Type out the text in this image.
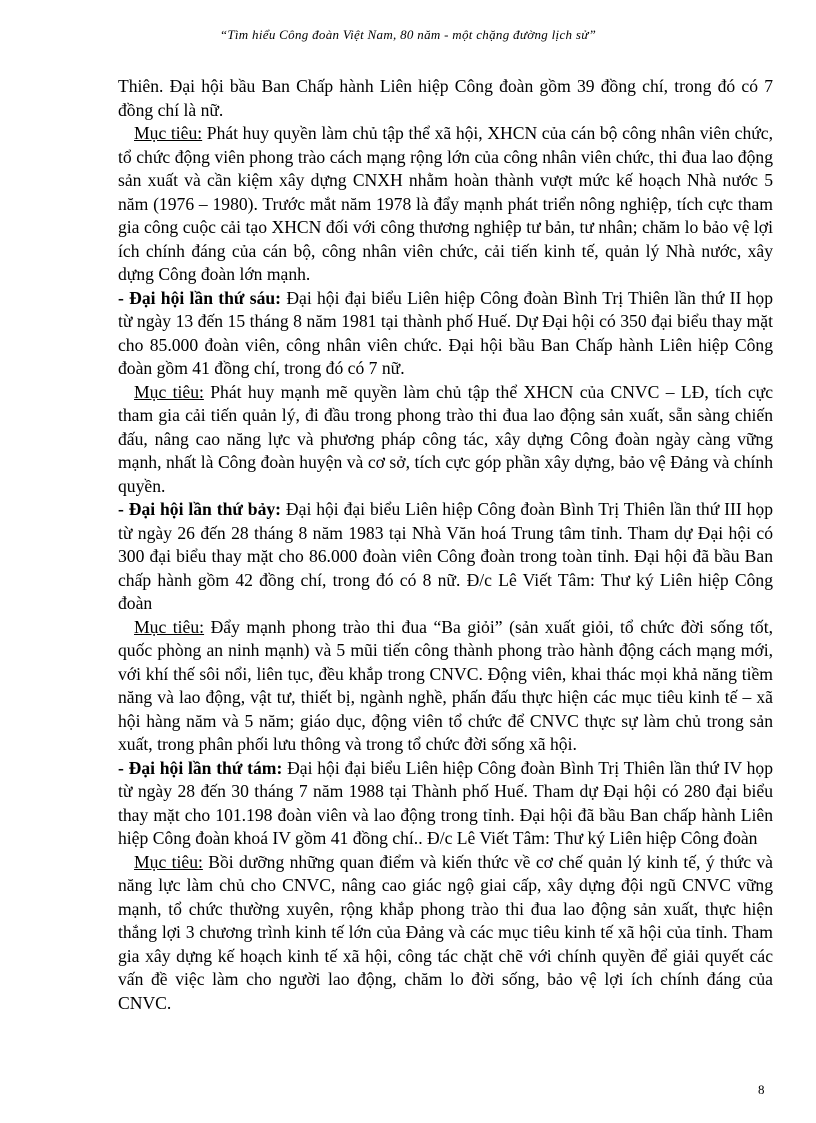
“Tìm hiểu Công đoàn Việt Nam, 80 năm - một chặng đường lịch sử”

Thiên. Đại hội bầu Ban Chấp hành Liên hiệp Công đoàn gồm 39 đồng chí, trong đó có 7 đồng chí là nữ.

Mục tiêu: Phát huy quyền làm chủ tập thể xã hội, XHCN của cán bộ công nhân viên chức, tổ chức động viên phong trào cách mạng rộng lớn của công nhân viên chức, thi đua lao động sản xuất và cần kiệm xây dựng CNXH nhằm hoàn thành vượt mức kế hoạch Nhà nước 5 năm (1976 – 1980). Trước mắt năm 1978 là đẩy mạnh phát triển nông nghiệp, tích cực tham gia công cuộc cải tạo XHCN đối với công thương nghiệp tư bản, tư nhân; chăm lo bảo vệ lợi ích chính đáng của cán bộ, công nhân viên chức, cải tiến kinh tế, quản lý Nhà nước, xây dựng Công đoàn lớn mạnh.

- Đại hội lần thứ sáu: Đại hội đại biểu Liên hiệp Công đoàn Bình Trị Thiên lần thứ II họp từ ngày 13 đến 15 tháng 8 năm 1981 tại thành phố Huế. Dự Đại hội có 350 đại biểu thay mặt cho 85.000 đoàn viên, công nhân viên chức. Đại hội bầu Ban Chấp hành Liên hiệp Công đoàn gồm 41 đồng chí, trong đó có 7 nữ.

Mục tiêu: Phát huy mạnh mẽ quyền làm chủ tập thể XHCN của CNVC – LĐ, tích cực tham gia cải tiến quản lý, đi đầu trong phong trào thi đua lao động sản xuất, sẵn sàng chiến đấu, nâng cao năng lực và phương pháp công tác, xây dựng Công đoàn ngày càng vững mạnh, nhất là Công đoàn huyện và cơ sở, tích cực góp phần xây dựng, bảo vệ Đảng và chính quyền.

- Đại hội lần thứ bảy: Đại hội đại biểu Liên hiệp Công đoàn Bình Trị Thiên lần thứ III họp từ ngày 26 đến 28 tháng 8 năm 1983 tại Nhà Văn hoá Trung tâm tỉnh. Tham dự Đại hội có 300 đại biểu thay mặt cho 86.000 đoàn viên Công đoàn trong toàn tỉnh. Đại hội đã bầu Ban chấp hành gồm 42 đồng chí, trong đó có 8 nữ. Đ/c Lê Viết Tâm: Thư ký Liên hiệp Công đoàn

Mục tiêu: Đẩy mạnh phong trào thi đua “Ba giỏi” (sản xuất giỏi, tổ chức đời sống tốt, quốc phòng an ninh mạnh) và 5 mũi tiến công thành phong trào hành động cách mạng mới, với khí thế sôi nổi, liên tục, đều khắp trong CNVC. Động viên, khai thác mọi khả năng tiềm năng và lao động, vật tư, thiết bị, ngành nghề, phấn đấu thực hiện các mục tiêu kinh tế – xã hội hàng năm và 5 năm; giáo dục, động viên tổ chức để CNVC thực sự làm chủ trong sản xuất, trong phân phối lưu thông và trong tổ chức đời sống xã hội.

- Đại hội lần thứ tám: Đại hội đại biểu Liên hiệp Công đoàn Bình Trị Thiên lần thứ IV họp từ ngày 28 đến 30 tháng 7 năm 1988 tại Thành phố Huế. Tham dự Đại hội có 280 đại biểu thay mặt cho 101.198 đoàn viên và lao động trong tỉnh. Đại hội đã bầu Ban chấp hành Liên hiệp Công đoàn khoá IV gồm 41 đồng chí.. Đ/c Lê Viết Tâm: Thư ký Liên hiệp Công đoàn

Mục tiêu: Bồi dưỡng những quan điểm và kiến thức về cơ chế quản lý kinh tế, ý thức và năng lực làm chủ cho CNVC, nâng cao giác ngộ giai cấp, xây dựng đội ngũ CNVC vững mạnh, tổ chức thường xuyên, rộng khắp phong trào thi đua lao động sản xuất, thực hiện thắng lợi 3 chương trình kinh tế lớn của Đảng và các mục tiêu kinh tế xã hội của tỉnh. Tham gia xây dựng kế hoạch kinh tế xã hội, công tác chặt chẽ với chính quyền để giải quyết các vấn đề việc làm cho người lao động, chăm lo đời sống, bảo vệ lợi ích chính đáng của CNVC.

8
